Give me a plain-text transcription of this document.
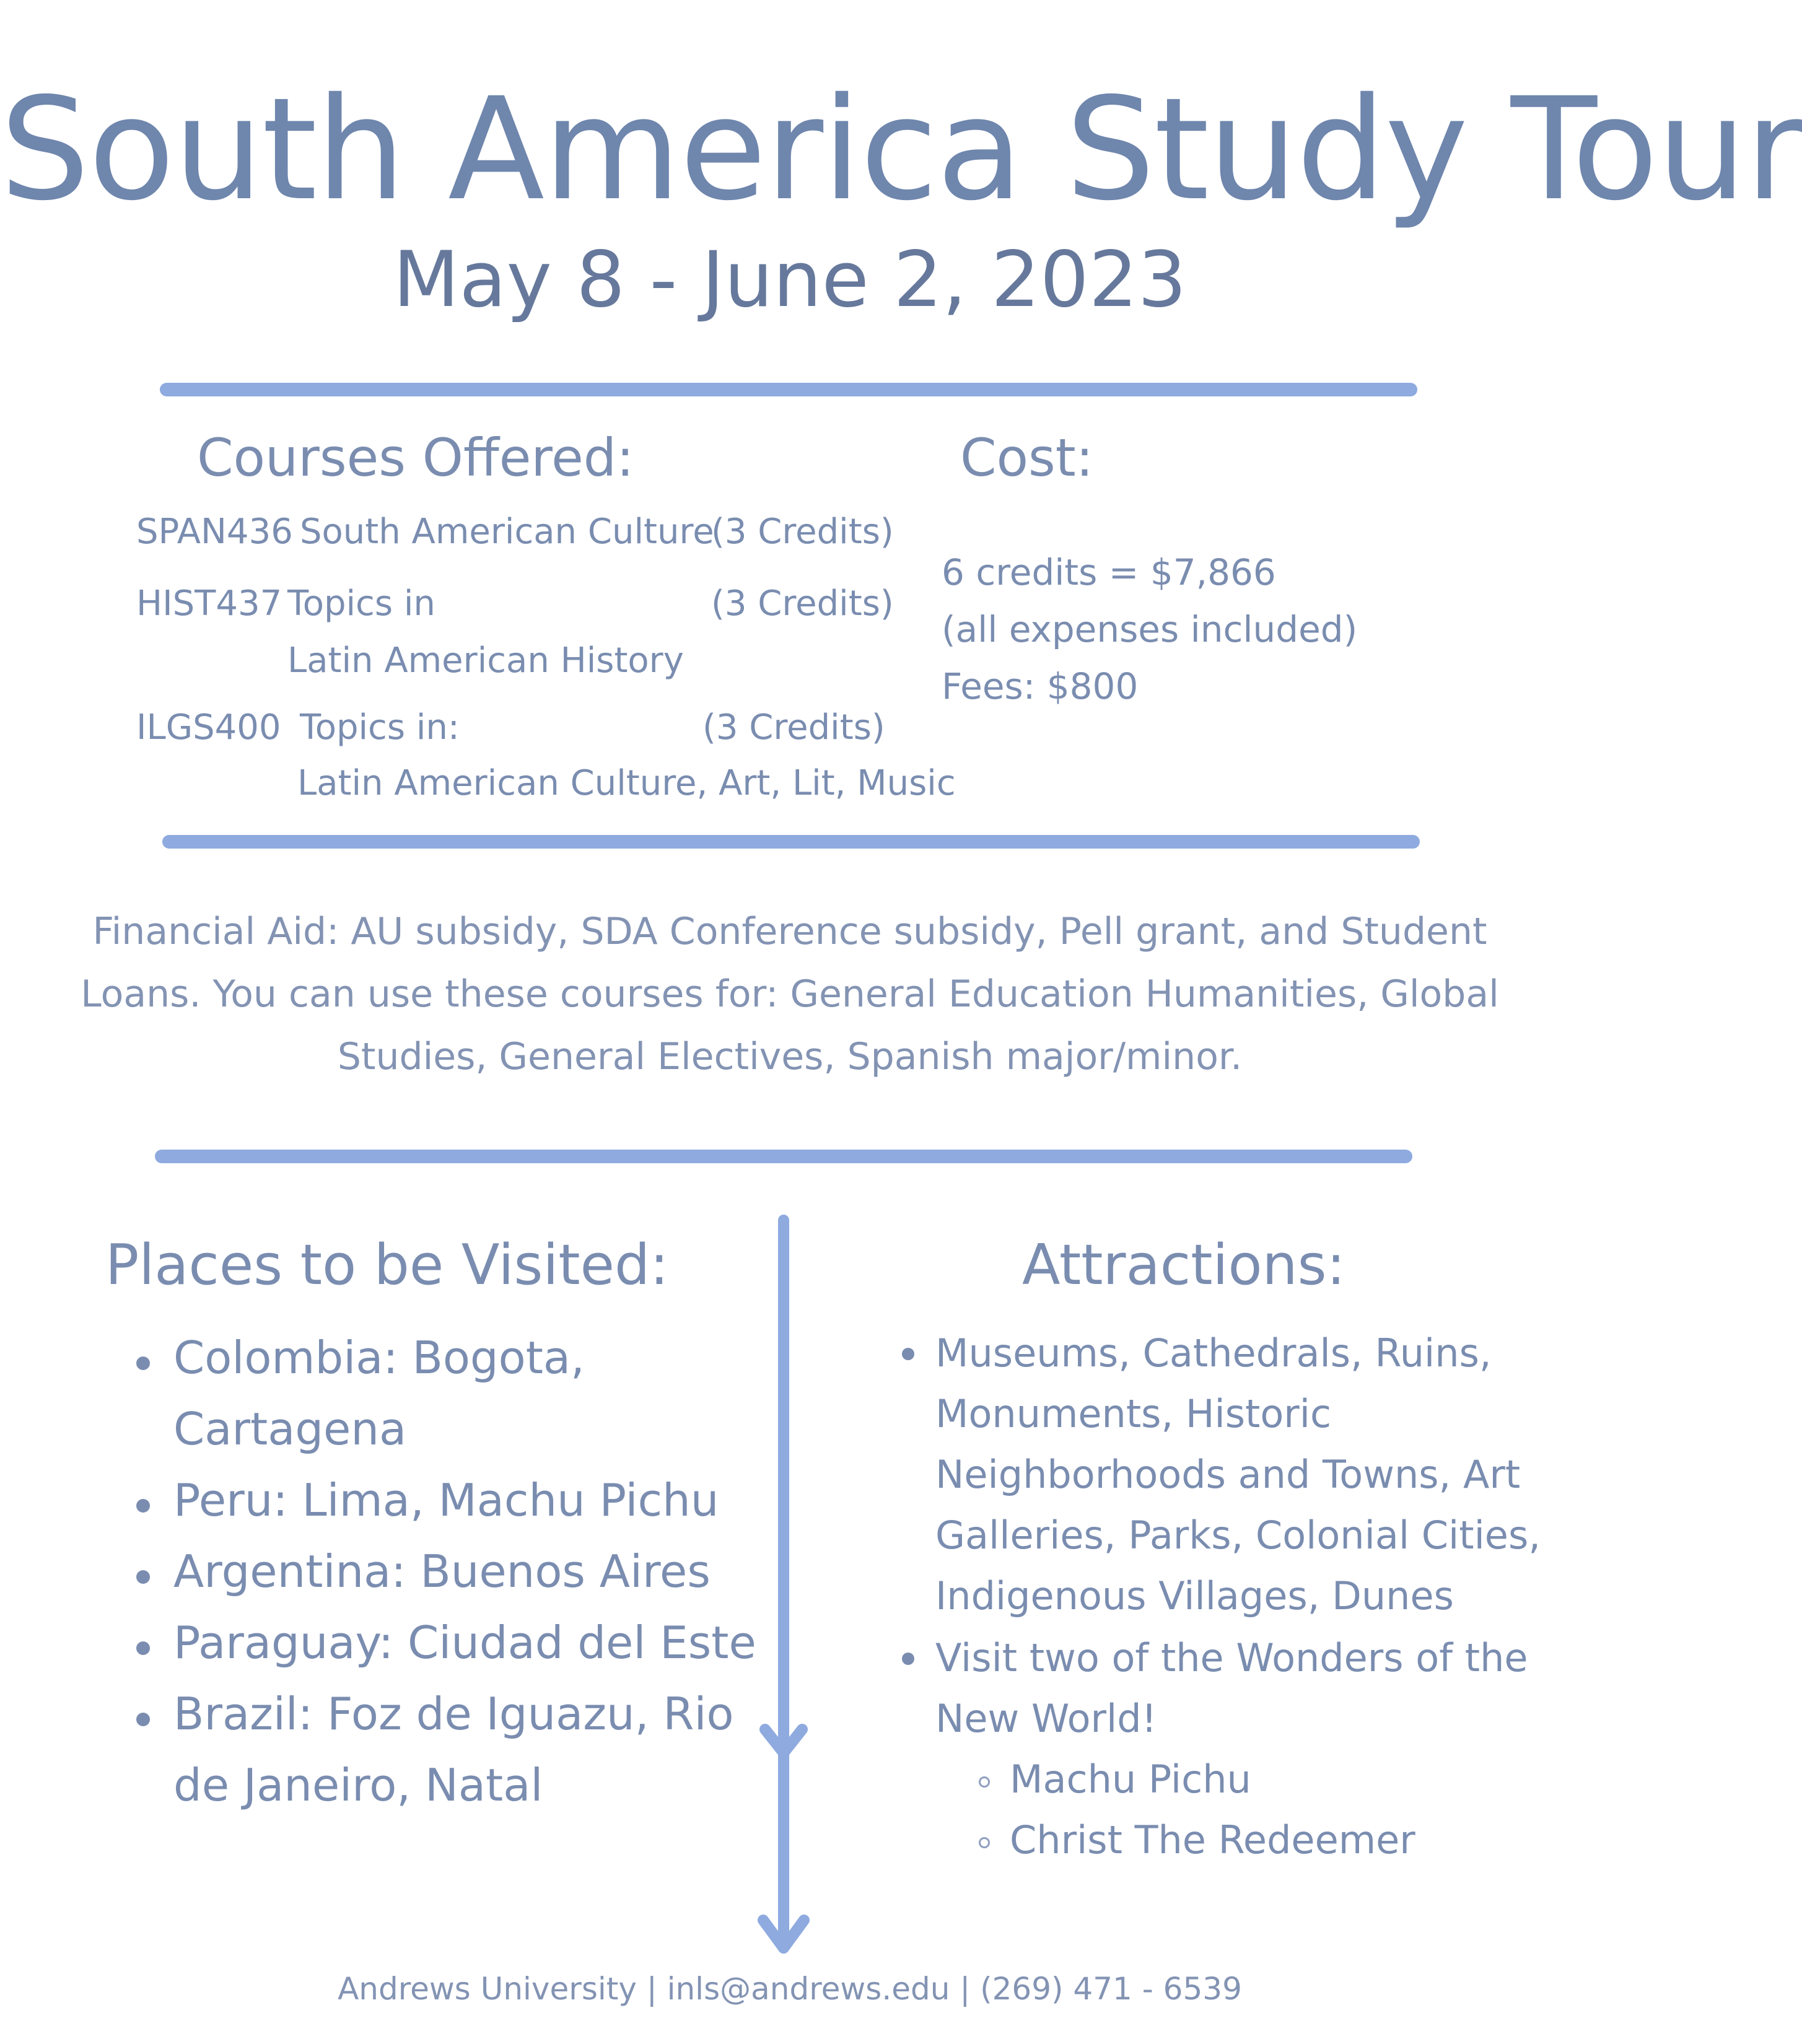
South America Study Tour
May 8 - June 2, 2023
Courses Offered:
SPAN436 South American Culture
(3 Credits)
HIST437 Topics in	(3 Credits)
Latin American History
ILGS400 Topics in:	(3 Credits)
Latin American Culture, Art, Lit, Music
Cost:
6 credits = $7,866
(all expenses included)
Fees: $800
Financial Aid: AU subsidy, SDA Conference subsidy, Pell grant, and Student
Loans. You can use these courses for: General Education Humanities, Global
Studies, General Electives, Spanish major/minor.
Places to be Visited:
Colombia: Bogota,
Cartagena
Peru: Lima, Machu Pichu
Argentina: Buenos Aires
Paraguay: Ciudad del Este
Brazil: Foz de Iguazu, Rio
de Janeiro, Natal
Attractions:
Museums, Cathedrals, Ruins,
Monuments, Historic
Neighborhoods and Towns, Art
Galleries, Parks, Colonial Cities,
Indigenous Villages, Dunes
Visit two of the Wonders of the
New World!
Machu Pichu
Christ The Redeemer
Andrews University | inls@andrews.edu | (269) 471 - 6539
